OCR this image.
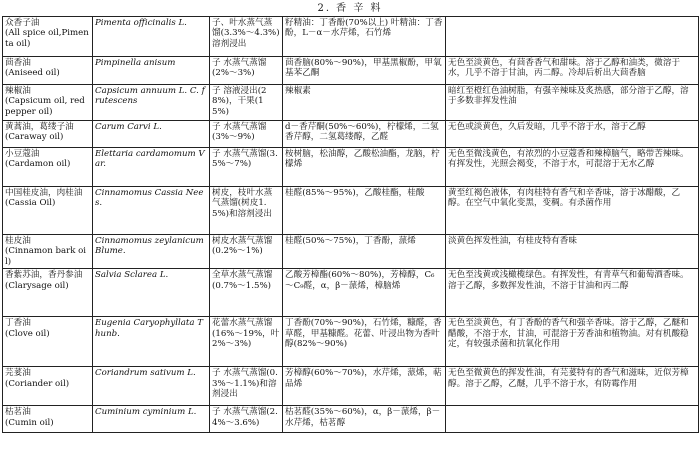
2. 香 辛 料
众香子油
(All spice oil,Pimenta oil)	Pimenta officinalis L.	子、叶水蒸气蒸馏(3.3%～4.3%)溶剂浸出	籽精油：丁香酚(70%以上) 叶精油：丁香酚，L－α－水芹烯，石竹烯	

茴香油
(Aniseed oil)	Pimpinella anisum	子 水蒸气蒸馏(2%～3%)	茴香脑(80%～90%)，甲基黑椒酚，甲氧基苯乙酮	无色至淡黄色，有茴香香气和甜味。溶于乙醇和油类，微溶于水，几乎不溶于甘油，丙二醇。冷却后析出大茴香脑

辣椒油
(Capsicum oil, red pepper oil)	Capsicum annuum L. C. frutescens	子 溶液浸出(28%)，干果(15%)	辣椒素	暗红至橙红色油树脂，有强辛辣味及炙热感，部分溶于乙醇，溶于多数非挥发性油

黄蒿油，葛缕子油
(Caraway oil)	Carum Carvi L.	子 水蒸气蒸馏(3%～9%)	d－香芹酮(50%～60%)，柠檬烯，二氢香芹醇，二氢葛缕醇，乙醛	无色或淡黄色，久后发暗，几乎不溶于水，溶于乙醇

小豆蔻油
(Cardamon oil)	Elettaria cardamomum Var.	子 水蒸气蒸馏(3.5%～7%)	桉树脑，松油醇，乙酸松油酯，龙脑，柠檬烯	无色至微浅黄色，有浓烈的小豆蔻香和辣樟脑气，略带苦辣味。有挥发性，光照会褐变，不溶于水，可混溶于无水乙醇

中国桂皮油，肉桂油
(Cassia Oil)	Cinnamomus Cassia Nees.	树皮，枝叶水蒸气蒸馏(树皮1.5%)和溶剂浸出	桂醛(85%～95%)，乙酸桂酯，桂酸	黄至红褐色液体，有肉桂特有香气和辛香味，溶于冰醋酸，乙醇。在空气中氧化变黑，变稠。有杀菌作用

桂皮油
(Cinnamon bark oil)	Cinnamomus zeylanicum Blume.	树皮水蒸气蒸馏(0.2%～1%)	桂醛(50%～75%)，丁香酚，蒎烯	淡黄色挥发性油，有桂皮特有香味

香紫苏油，香丹参油
(Clarysage oil)	Salvia Sclarea L.	全草水蒸气蒸馏(0.7%～1.5%)	乙酸芳樟酯(60%～80%)，芳樟醇，C₆～C₉醛，α，β－蒎烯，樟脑烯	无色至浅黄或浅橄榄绿色。有挥发性，有青草气和葡萄酒香味。溶于乙醇，多数挥发性油，不溶于甘油和丙二醇

丁香油
(Clove oil)	Eugenia Caryophyllata Thunb.	花蕾水蒸气蒸馏(16%～19%，叶2%～3%)	丁香酚(70%～90%)，石竹烯，糠醛，香草醛，甲基糠醛。花蕾、叶浸出物为香叶醇(82%～90%)	无色至淡黄色，有丁香酚的香气和强辛香味。溶于乙醇，乙醚和醋酸，不溶于水，甘油，可混溶于芳香油和植物油。对有机酸稳定，有较强杀菌和抗氧化作用

芫荽油
(Coriander oil)	Coriandrum sativum L.	子 水蒸气蒸馏(0.3%～1.1%)和溶剂浸出	芳樟醇(60%～70%)，水芹烯，蒎烯，萜品烯	无色至微黄色的挥发性油，有芫荽特有的香气和滋味，近似芳樟醇。溶于乙醇，乙醚，几乎不溶于水，有防霉作用

枯茗油
(Cumin oil)	Cuminium cyminium L.	子 水蒸气蒸馏(2.4%～3.6%)	枯茗醛(35%～60%)，α，β－蒎烯，β－水芹烯，枯茗醇	
